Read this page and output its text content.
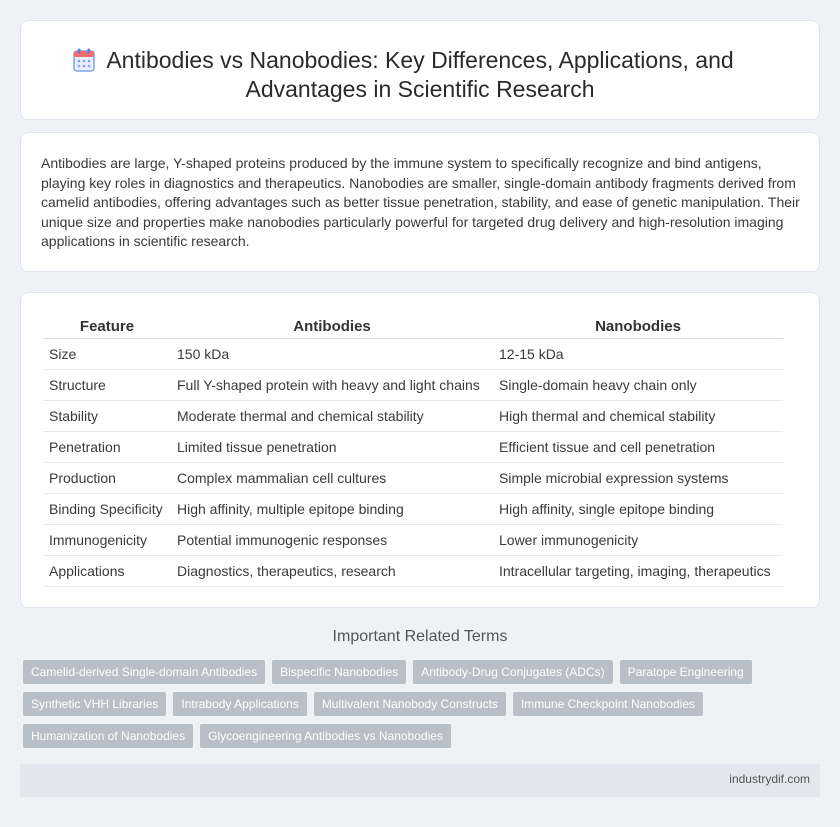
Antibodies vs Nanobodies: Key Differences, Applications, and
Advantages in Scientific Research

Antibodies are large, Y-shaped proteins produced by the immune system to specifically recognize and bind antigens, playing key roles in diagnostics and therapeutics. Nanobodies are smaller, single-domain antibody fragments derived from camelid antibodies, offering advantages such as better tissue penetration, stability, and ease of genetic manipulation. Their unique size and properties make nanobodies particularly powerful for targeted drug delivery and high-resolution imaging applications in scientific research.

Feature	Antibodies	Nanobodies
Size	150 kDa	12-15 kDa
Structure	Full Y-shaped protein with heavy and light chains	Single-domain heavy chain only
Stability	Moderate thermal and chemical stability	High thermal and chemical stability
Penetration	Limited tissue penetration	Efficient tissue and cell penetration
Production	Complex mammalian cell cultures	Simple microbial expression systems
Binding Specificity	High affinity, multiple epitope binding	High affinity, single epitope binding
Immunogenicity	Potential immunogenic responses	Lower immunogenicity
Applications	Diagnostics, therapeutics, research	Intracellular targeting, imaging, therapeutics
Important Related Terms
Camelid-derived Single-domain Antibodies	Bispecific Nanobodies	Antibody-Drug Conjugates (ADCs)	Paratope Engineering
Synthetic VHH Libraries	Intrabody Applications	Multivalent Nanobody Constructs	Immune Checkpoint Nanobodies
Humanization of Nanobodies	Glycoengineering Antibodies vs Nanobodies
industrydif.com
